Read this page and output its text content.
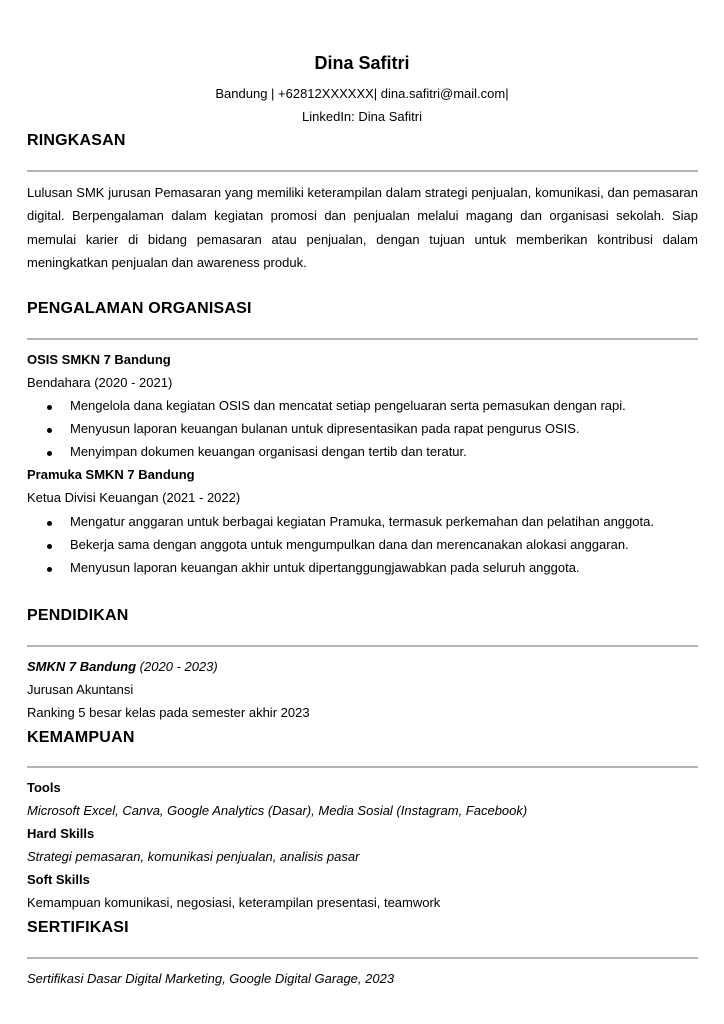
Dina Safitri
Bandung | +62812XXXXXX| dina.safitri@mail.com|
LinkedIn: Dina Safitri
RINGKASAN
Lulusan SMK jurusan Pemasaran yang memiliki keterampilan dalam strategi penjualan, komunikasi, dan pemasaran digital. Berpengalaman dalam kegiatan promosi dan penjualan melalui magang dan organisasi sekolah. Siap memulai karier di bidang pemasaran atau penjualan, dengan tujuan untuk memberikan kontribusi dalam meningkatkan penjualan dan awareness produk.
PENGALAMAN ORGANISASI
OSIS SMKN 7 Bandung
Bendahara (2020 - 2021)
Mengelola dana kegiatan OSIS dan mencatat setiap pengeluaran serta pemasukan dengan rapi.
Menyusun laporan keuangan bulanan untuk dipresentasikan pada rapat pengurus OSIS.
Menyimpan dokumen keuangan organisasi dengan tertib dan teratur.
Pramuka SMKN 7 Bandung
Ketua Divisi Keuangan (2021 - 2022)
Mengatur anggaran untuk berbagai kegiatan Pramuka, termasuk perkemahan dan pelatihan anggota.
Bekerja sama dengan anggota untuk mengumpulkan dana dan merencanakan alokasi anggaran.
Menyusun laporan keuangan akhir untuk dipertanggungjawabkan pada seluruh anggota.
PENDIDIKAN
SMKN 7 Bandung (2020 - 2023)
Jurusan Akuntansi
Ranking 5 besar kelas pada semester akhir 2023
KEMAMPUAN
Tools
Microsoft Excel, Canva, Google Analytics (Dasar), Media Sosial (Instagram, Facebook)
Hard Skills
Strategi pemasaran, komunikasi penjualan, analisis pasar
Soft Skills
Kemampuan komunikasi, negosiasi, keterampilan presentasi, teamwork
SERTIFIKASI
Sertifikasi Dasar Digital Marketing, Google Digital Garage, 2023
